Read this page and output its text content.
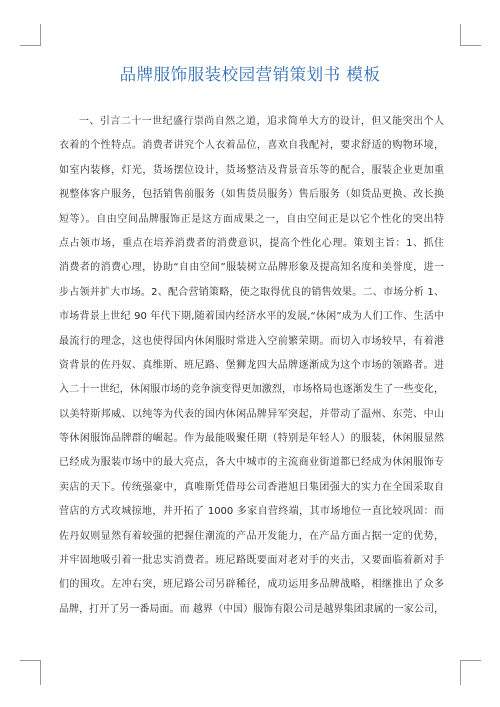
品牌服饰服装校园营销策划书 模板
一、引言二十一世纪盛行崇尚自然之道，追求简单大方的设计，但又能突出个人
衣着的个性特点。消费者讲究个人衣着品位，喜欢自我配衬，要求舒适的购物环境，
如室内装修，灯光，货场摆位设计，货场整洁及背景音乐等的配合，服装企业更加重
视整体客户服务，包括销售前服务（如售货员服务）售后服务（如货品更换、改长换
短等）。自由空间品牌服饰正是这方面成果之一，自由空间正是以它个性化的突出特
点占领市场，重点在培养消费者的消费意识，提高个性化心理。策划主旨：1、抓住
消费者的消费心理，协助“自由空间”服装树立品牌形象及提高知名度和美誉度，进一
步占领并扩大市场。2、配合营销策略，使之取得优良的销售效果。二、市场分析 1、
市场背景上世纪 90 年代下期,随着国内经济水平的发展,“休闲”成为人们工作、生活中
最流行的理念，这也使得国内休闲服时常进入空前繁荣期。而切入市场较早，有着港
资背景的佐丹奴、真维斯、班尼路、堡狮龙四大品牌逐渐成为这个市场的领路者。进
入二十一世纪，休闲服市场的竞争演变得更加激烈，市场格局也逐渐发生了一些变化，
以美特斯邦威、以纯等为代表的国内休闲品牌异军突起，并带动了温州、东莞、中山
等休闲服饰品牌群的崛起。作为最能吸聚任期（特别是年轻人）的服装，休闲服显然
已经成为服装市场中的最大亮点，各大中城市的主流商业街道都已经成为休闲服饰专
卖店的天下。传统强豪中，真唯斯凭借母公司香港旭日集团强大的实力在全国采取自
营店的方式攻城掠地，并开拓了 1000 多家自营终端，其市场地位一直比较巩固：而
佐丹奴则显然有着较强的把握住潮流的产品开发能力，在产品方面占据一定的优势，
并牢固地吸引着一批忠实消费者。班尼路既要面对老对手的夹击，又要面临着新对手
们的围攻。左冲右突，班尼路公司另辟稀径，成功运用多品牌战略，相继推出了众多
品牌，打开了另一番局面。而 越界（中国）服饰有限公司是越界集团隶属的一家公司，
